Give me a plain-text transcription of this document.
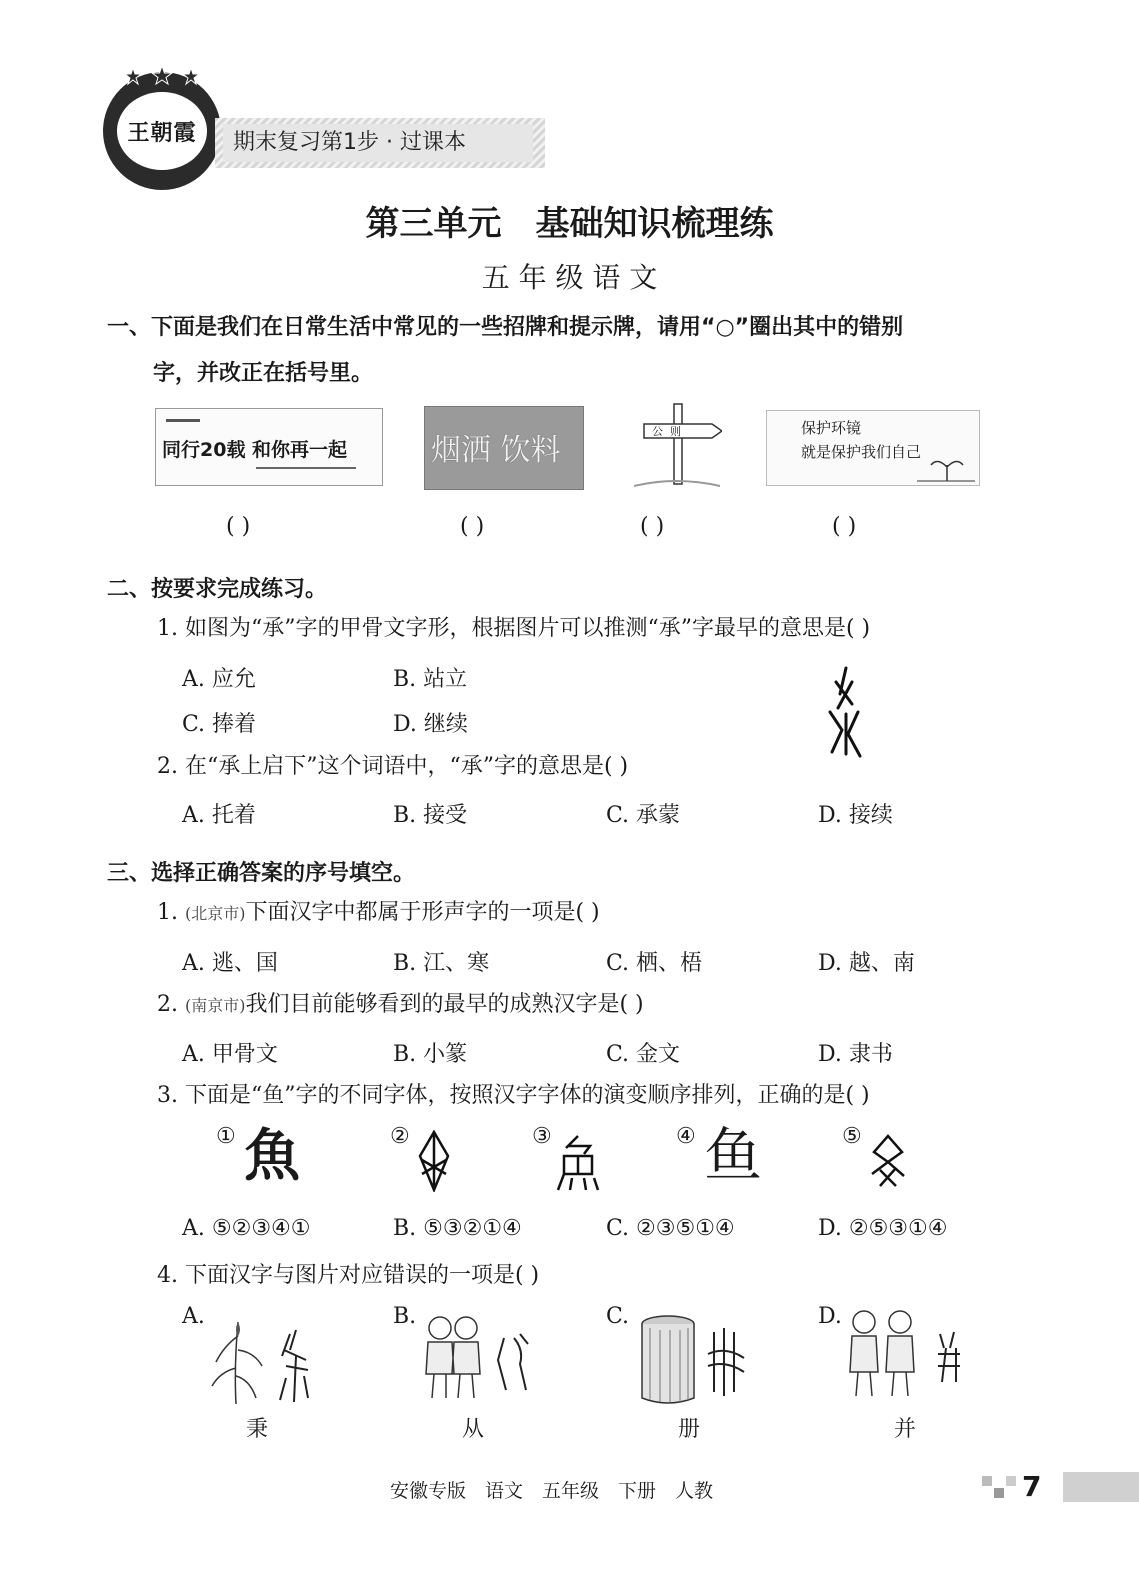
王朝霞	期末复习第1步 · 过课本
第三单元　基础知识梳理练
五 年 级 语 文
一、下面是我们在日常生活中常见的一些招牌和提示牌，请用“○”圈出其中的错别
字，并改正在括号里。
同行20载 和你再一起	烟洒 饮料
公  则	保护环镜
就是保护我们自己
( )	( )	( )	( )
二、按要求完成练习。
1. 如图为“承”字的甲骨文字形，根据图片可以推测“承”字最早的意思是( )
A. 应允	B. 站立
C. 捧着	D. 继续
2. 在“承上启下”这个词语中，“承”字的意思是( )
A. 托着	B. 接受	C. 承蒙	D. 接续
三、选择正确答案的序号填空。
1. (北京市)下面汉字中都属于形声字的一项是( )
A. 逃、国	B. 江、寒	C. 栖、梧	D. 越、南
2. (南京市)我们目前能够看到的最早的成熟汉字是( )
A. 甲骨文	B. 小篆	C. 金文	D. 隶书
3. 下面是“鱼”字的不同字体，按照汉字字体的演变顺序排列，正确的是( )
① 魚	②	③	④ 鱼	⑤
A. ⑤②③④①	B. ⑤③②①④	C. ②③⑤①④	D. ②⑤③①④
4. 下面汉字与图片对应错误的一项是( )
A.
秉
B.
从
C.
册
D.
并
安徽专版　语文　五年级　下册　人教	7
